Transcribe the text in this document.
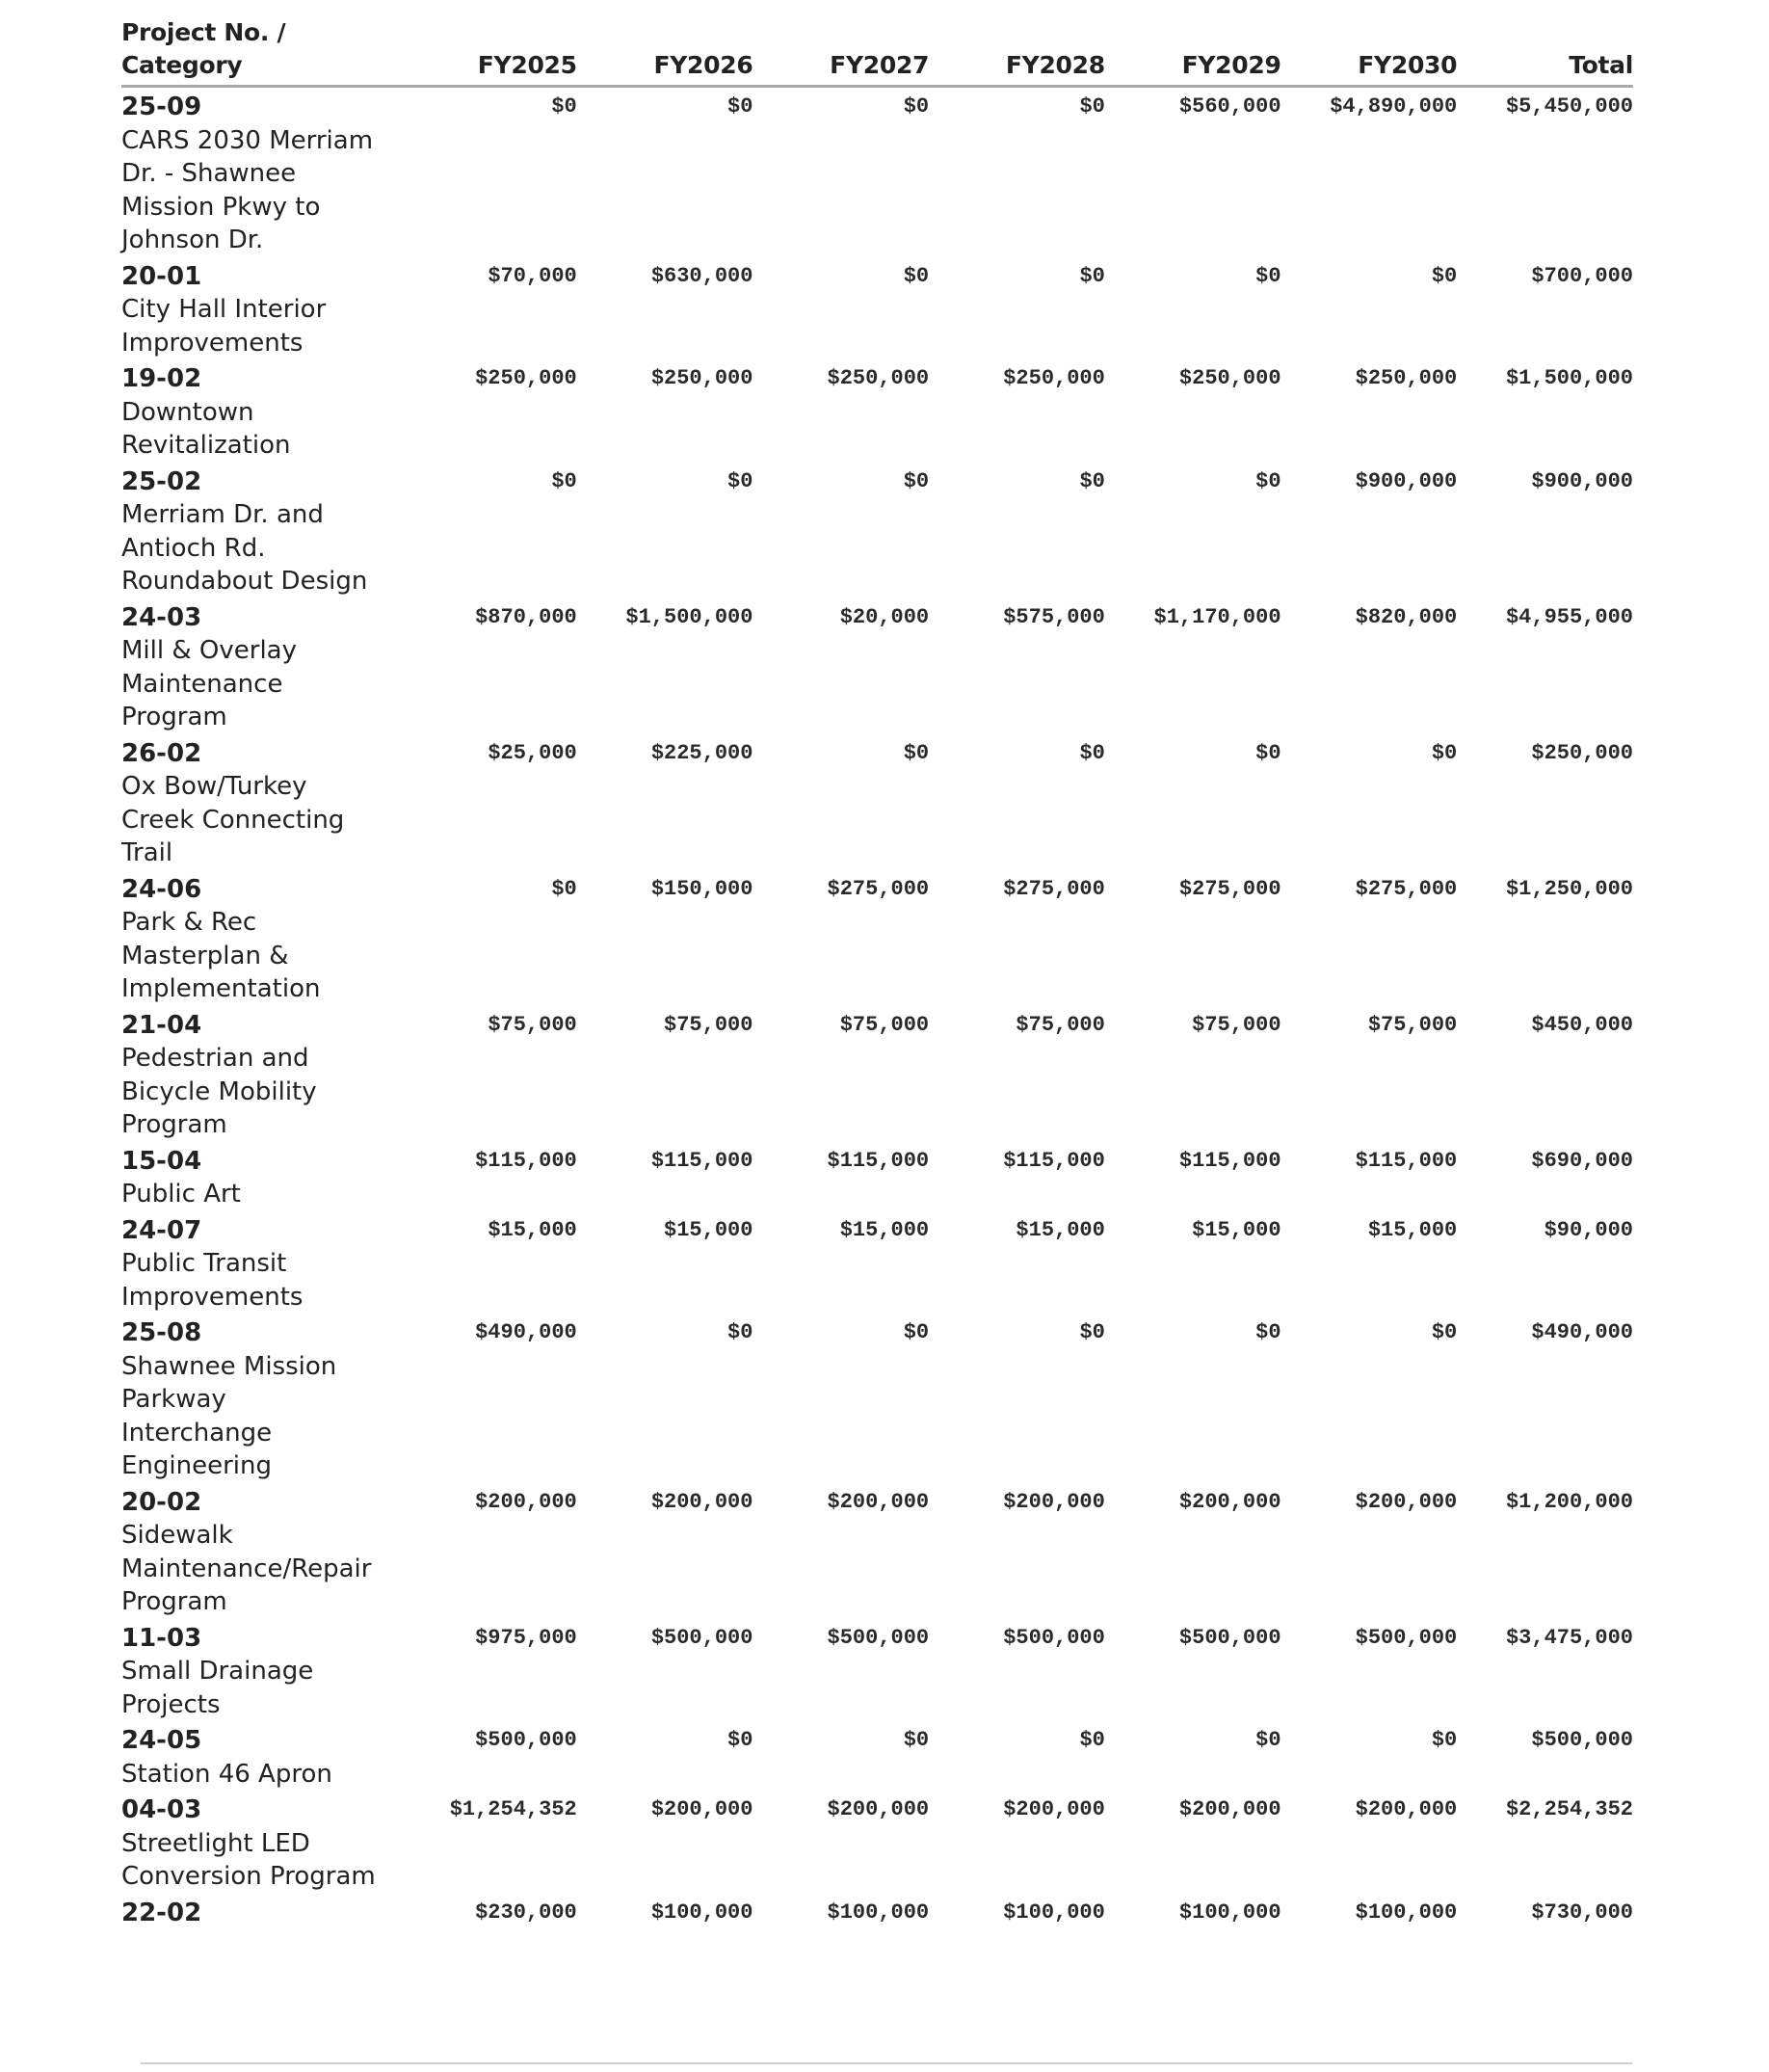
Project No. /
Category	FY2025	FY2026	FY2027	FY2028	FY2029	FY2030	Total

25-09
CARS 2030 Merriam Dr. - Shawnee Mission Pkwy to Johnson Dr.	$0	$0	$0	$0	$560,000	$4,890,000	$5,450,000

20-01
City Hall Interior Improvements	$70,000	$630,000	$0	$0	$0	$0	$700,000

19-02
Downtown Revitalization	$250,000	$250,000	$250,000	$250,000	$250,000	$250,000	$1,500,000

25-02
Merriam Dr. and Antioch Rd. Roundabout Design	$0	$0	$0	$0	$0	$900,000	$900,000

24-03
Mill & Overlay Maintenance Program	$870,000	$1,500,000	$20,000	$575,000	$1,170,000	$820,000	$4,955,000

26-02
Ox Bow/Turkey Creek Connecting Trail	$25,000	$225,000	$0	$0	$0	$0	$250,000

24-06
Park & Rec Masterplan & Implementation	$0	$150,000	$275,000	$275,000	$275,000	$275,000	$1,250,000

21-04
Pedestrian and Bicycle Mobility Program	$75,000	$75,000	$75,000	$75,000	$75,000	$75,000	$450,000

15-04
Public Art	$115,000	$115,000	$115,000	$115,000	$115,000	$115,000	$690,000

24-07
Public Transit Improvements	$15,000	$15,000	$15,000	$15,000	$15,000	$15,000	$90,000

25-08
Shawnee Mission Parkway Interchange Engineering	$490,000	$0	$0	$0	$0	$0	$490,000

20-02
Sidewalk Maintenance/Repair Program	$200,000	$200,000	$200,000	$200,000	$200,000	$200,000	$1,200,000

11-03
Small Drainage Projects	$975,000	$500,000	$500,000	$500,000	$500,000	$500,000	$3,475,000

24-05
Station 46 Apron	$500,000	$0	$0	$0	$0	$0	$500,000

04-03
Streetlight LED Conversion Program	$1,254,352	$200,000	$200,000	$200,000	$200,000	$200,000	$2,254,352

22-02	$230,000	$100,000	$100,000	$100,000	$100,000	$100,000	$730,000
